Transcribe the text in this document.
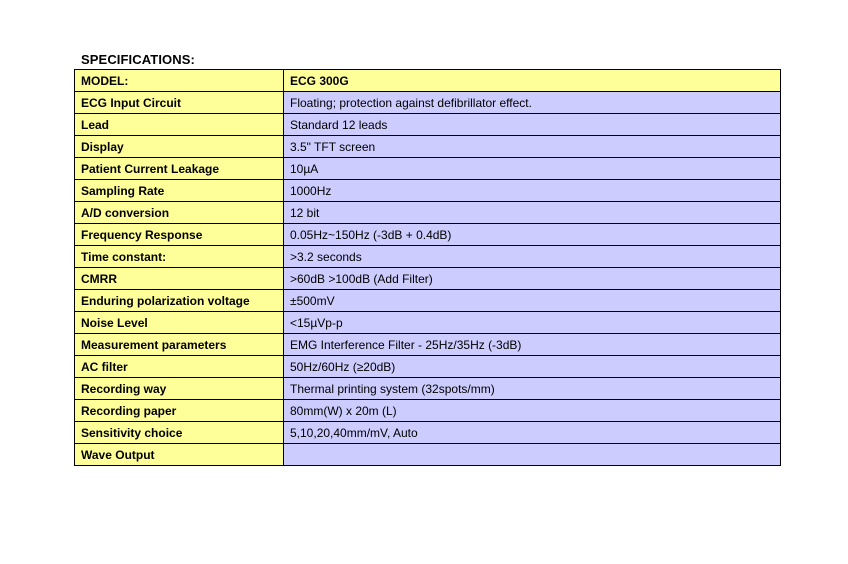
SPECIFICATIONS:
MODEL:	ECG 300G
ECG Input Circuit	Floating; protection against defibrillator effect.
Lead	Standard 12 leads
Display	3.5" TFT screen
Patient Current Leakage	10µA
Sampling Rate	1000Hz
A/D conversion	12 bit
Frequency Response	0.05Hz~150Hz (-3dB + 0.4dB)
Time constant:	>3.2 seconds
CMRR	>60dB >100dB (Add Filter)
Enduring polarization voltage	±500mV
Noise Level	<15µVp-p
Measurement parameters	EMG Interference Filter - 25Hz/35Hz (-3dB)
AC filter	50Hz/60Hz (≥20dB)
Recording way	Thermal printing system (32spots/mm)
Recording paper	80mm(W) x 20m (L)
Sensitivity choice	5,10,20,40mm/mV, Auto
Wave Output	
